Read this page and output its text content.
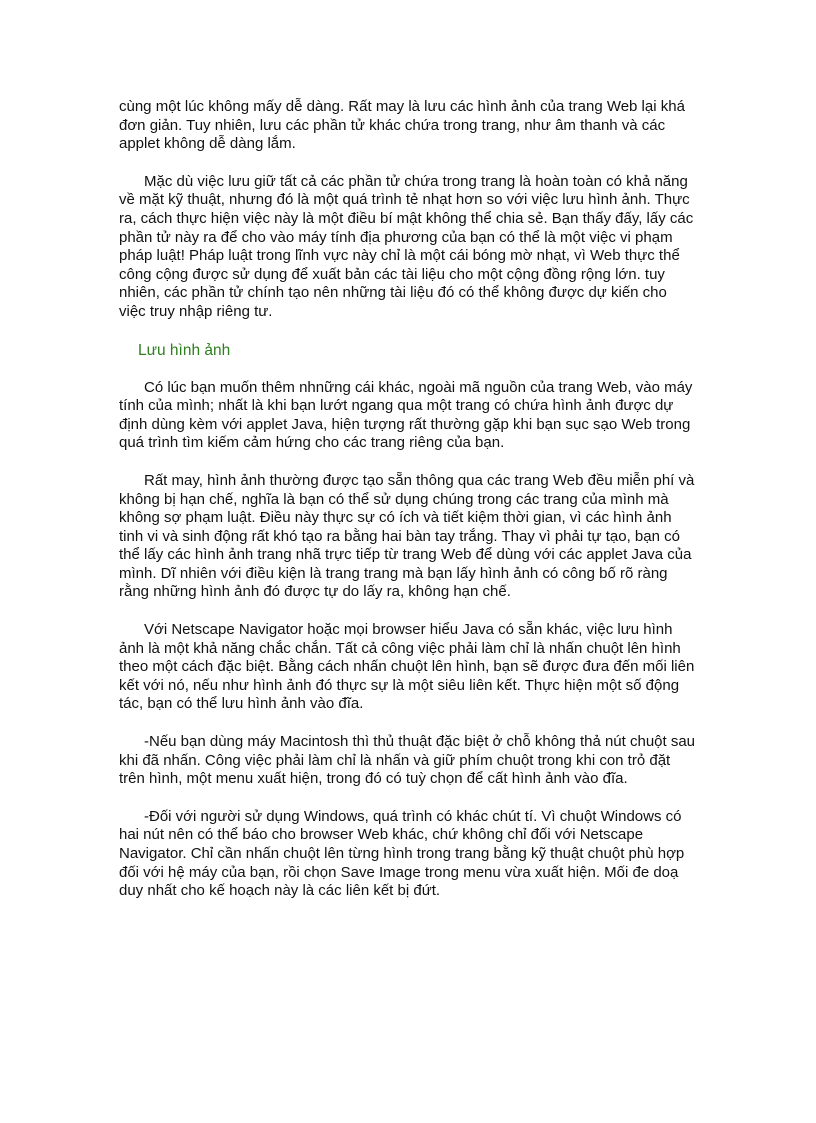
cùng một lúc không mấy dễ dàng. Rất may là lưu các hình ảnh của trang Web lại khá đơn giản. Tuy nhiên, lưu các phần tử khác chứa trong trang, như âm thanh và các applet không dễ dàng lắm.

Mặc dù việc lưu giữ tất cả các phần tử chứa trong trang là hoàn toàn có khả năng về mặt kỹ thuật, nhưng đó là một quá trình tẻ nhạt hơn so với việc lưu hình ảnh. Thực ra, cách thực hiện việc này là một điều bí mật không thể chia sẻ. Bạn thấy đấy, lấy các phần tử này ra để cho vào máy tính địa phương của bạn có thể là một việc vi phạm pháp luật! Pháp luật trong lĩnh vực này chỉ là một cái bóng mờ nhạt, vì Web thực thể công cộng được sử dụng để xuất bản các tài liệu cho một cộng đồng rộng lớn. tuy nhiên, các phần tử chính tạo nên những tài liệu đó có thể không được dự kiến cho việc truy nhập riêng tư.

Lưu hình ảnh

Có lúc bạn muốn thêm nhnững cái khác, ngoài mã nguồn của trang Web, vào máy tính của mình; nhất là khi bạn lướt ngang qua một trang có chứa hình ảnh được dự định dùng kèm với applet Java, hiện tượng rất thường gặp khi bạn sục sạo Web trong quá trình tìm kiếm cảm hứng cho các trang riêng của bạn.

Rất may, hình ảnh thường được tạo sẵn thông qua các trang Web đều miễn phí và không bị hạn chế, nghĩa là bạn có thể sử dụng chúng trong các trang của mình mà không sợ phạm luật. Điều này thực sự có ích và tiết kiệm thời gian, vì các hình ảnh tinh vi và sinh động rất khó tạo ra bằng hai bàn tay trắng. Thay vì phải tự tạo, bạn có thể lấy các hình ảnh trang nhã trực tiếp từ trang Web để dùng với các applet Java của mình. Dĩ nhiên với điều kiện là trang trang mà bạn lấy hình ảnh có công bố rõ ràng rằng những hình ảnh đó được tự do lấy ra, không hạn chế.

Với Netscape Navigator hoặc mọi browser hiểu Java có sẵn khác, việc lưu hình ảnh là một khả năng chắc chắn. Tất cả công việc phải làm chỉ là nhấn chuột lên hình theo một cách đặc biệt. Bằng cách nhấn chuột lên hình, bạn sẽ được đưa đến mối liên kết với nó, nếu như hình ảnh đó thực sự là một siêu liên kết. Thực hiện một số động tác, bạn có thể lưu hình ảnh vào đĩa.

-Nếu bạn dùng máy Macintosh thì thủ thuật đặc biệt ở chỗ không thả nút chuột sau khi đã nhấn. Công việc phải làm chỉ là nhấn và giữ phím chuột trong khi con trỏ đặt trên hình, một menu xuất hiện, trong đó có tuỳ chọn để cất hình ảnh vào đĩa.

-Đối với người sử dụng Windows, quá trình có khác chút tí. Vì chuột Windows có hai nút nên có thể báo cho browser Web khác, chứ không chỉ đối với Netscape Navigator. Chỉ cần nhấn chuột lên từng hình trong trang bằng kỹ thuật chuột phù hợp đối với hệ máy của bạn, rồi chọn Save Image trong menu vừa xuất hiện. Mối đe doạ duy nhất cho kế hoạch này là các liên kết bị đứt.
